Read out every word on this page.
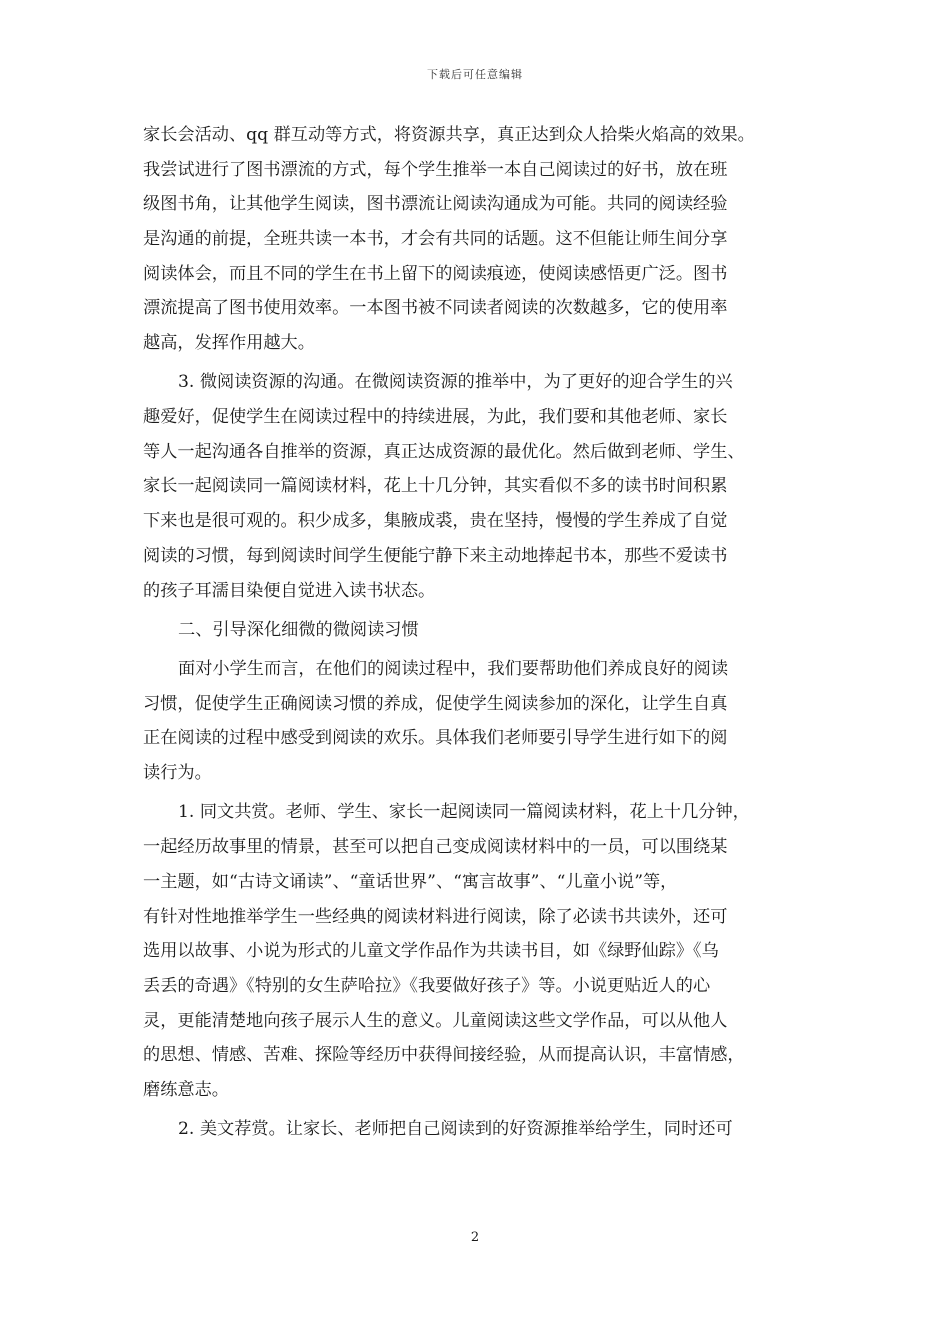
下载后可任意编辑
家长会活动、qq 群互动等方式，将资源共享，真正达到众人拾柴火焰高的效果。
我尝试进行了图书漂流的方式，每个学生推举一本自己阅读过的好书，放在班
级图书角，让其他学生阅读，图书漂流让阅读沟通成为可能。共同的阅读经验
是沟通的前提，全班共读一本书，才会有共同的话题。这不但能让师生间分享
阅读体会，而且不同的学生在书上留下的阅读痕迹，使阅读感悟更广泛。图书
漂流提高了图书使用效率。一本图书被不同读者阅读的次数越多，它的使用率
越高，发挥作用越大。
3. 微阅读资源的沟通。在微阅读资源的推举中，为了更好的迎合学生的兴
趣爱好，促使学生在阅读过程中的持续进展，为此，我们要和其他老师、家长
等人一起沟通各自推举的资源，真正达成资源的最优化。然后做到老师、学生、
家长一起阅读同一篇阅读材料，花上十几分钟，其实看似不多的读书时间积累
下来也是很可观的。积少成多，集腋成裘，贵在坚持，慢慢的学生养成了自觉
阅读的习惯，每到阅读时间学生便能宁静下来主动地捧起书本，那些不爱读书
的孩子耳濡目染便自觉进入读书状态。
二、引导深化细微的微阅读习惯
面对小学生而言，在他们的阅读过程中，我们要帮助他们养成良好的阅读
习惯，促使学生正确阅读习惯的养成，促使学生阅读参加的深化，让学生自真
正在阅读的过程中感受到阅读的欢乐。具体我们老师要引导学生进行如下的阅
读行为。
1. 同文共赏。老师、学生、家长一起阅读同一篇阅读材料，花上十几分钟，
一起经历故事里的情景，甚至可以把自己变成阅读材料中的一员，可以围绕某
一主题，如“古诗文诵读”、“童话世界”、“寓言故事”、“儿童小说”等，
有针对性地推举学生一些经典的阅读材料进行阅读，除了必读书共读外，还可
选用以故事、小说为形式的儿童文学作品作为共读书目，如《绿野仙踪》《乌
丢丢的奇遇》《特别的女生萨哈拉》《我要做好孩子》等。小说更贴近人的心
灵，更能清楚地向孩子展示人生的意义。儿童阅读这些文学作品，可以从他人
的思想、情感、苦难、探险等经历中获得间接经验，从而提高认识，丰富情感，
磨练意志。
2. 美文荐赏。让家长、老师把自己阅读到的好资源推举给学生，同时还可
2
